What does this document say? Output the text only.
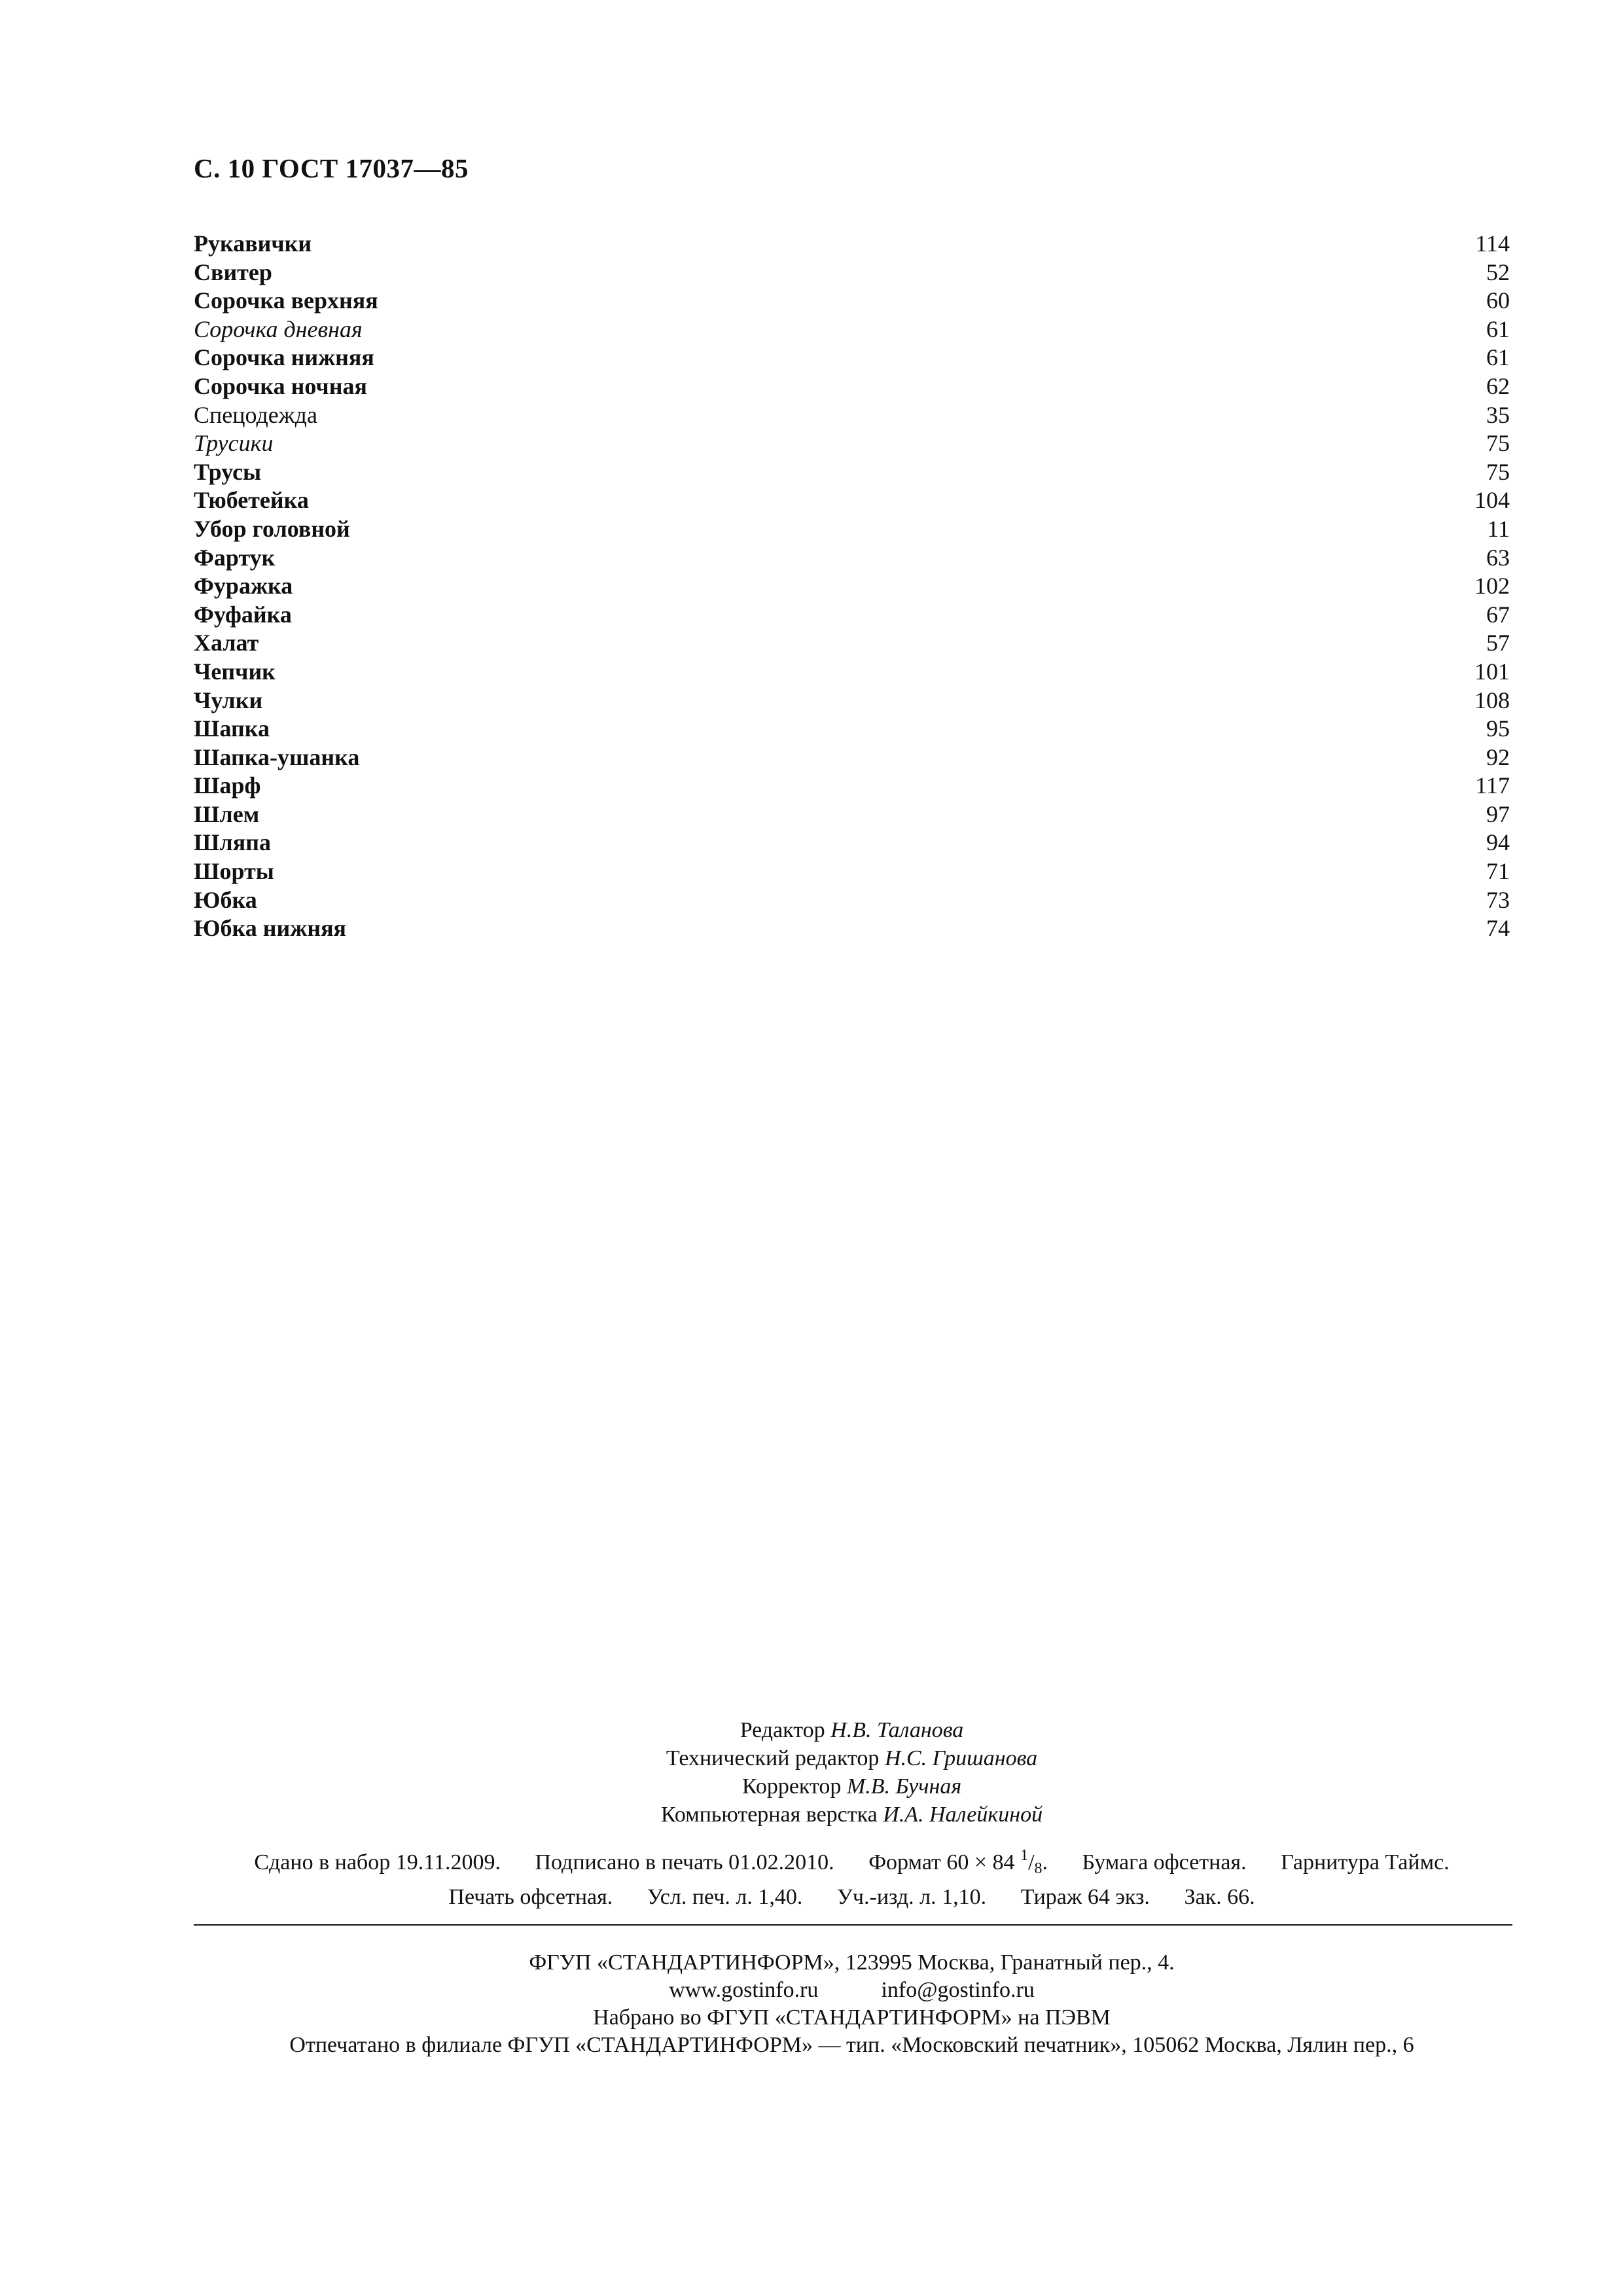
С. 10 ГОСТ 17037—85
Рукавички	114
Свитер	52
Сорочка верхняя	60
Сорочка дневная	61
Сорочка нижняя	61
Сорочка ночная	62
Спецодежда	35
Трусики	75
Трусы	75
Тюбетейка	104
Убор головной	11
Фартук	63
Фуражка	102
Фуфайка	67
Халат	57
Чепчик	101
Чулки	108
Шапка	95
Шапка-ушанка	92
Шарф	117
Шлем	97
Шляпа	94
Шорты	71
Юбка	73
Юбка нижняя	74
Редактор Н.В. Таланова
Технический редактор Н.С. Гришанова
Корректор М.В. Бучная
Компьютерная верстка И.А. Налейкиной
Сдано в набор 19.11.2009. Подписано в печать 01.02.2010. Формат 60 × 84 $^1/_8$. Бумага офсетная. Гарнитура Таймс.
Печать офсетная. Усл. печ. л. 1,40. Уч.-изд. л. 1,10. Тираж 64 экз. Зак. 66.
ФГУП «СТАНДАРТИНФОРМ», 123995 Москва, Гранатный пер., 4.
www.gostinfo.ru	info@gostinfo.ru
Набрано во ФГУП «СТАНДАРТИНФОРМ» на ПЭВМ
Отпечатано в филиале ФГУП «СТАНДАРТИНФОРМ» — тип. «Московский печатник», 105062 Москва, Лялин пер., 6
